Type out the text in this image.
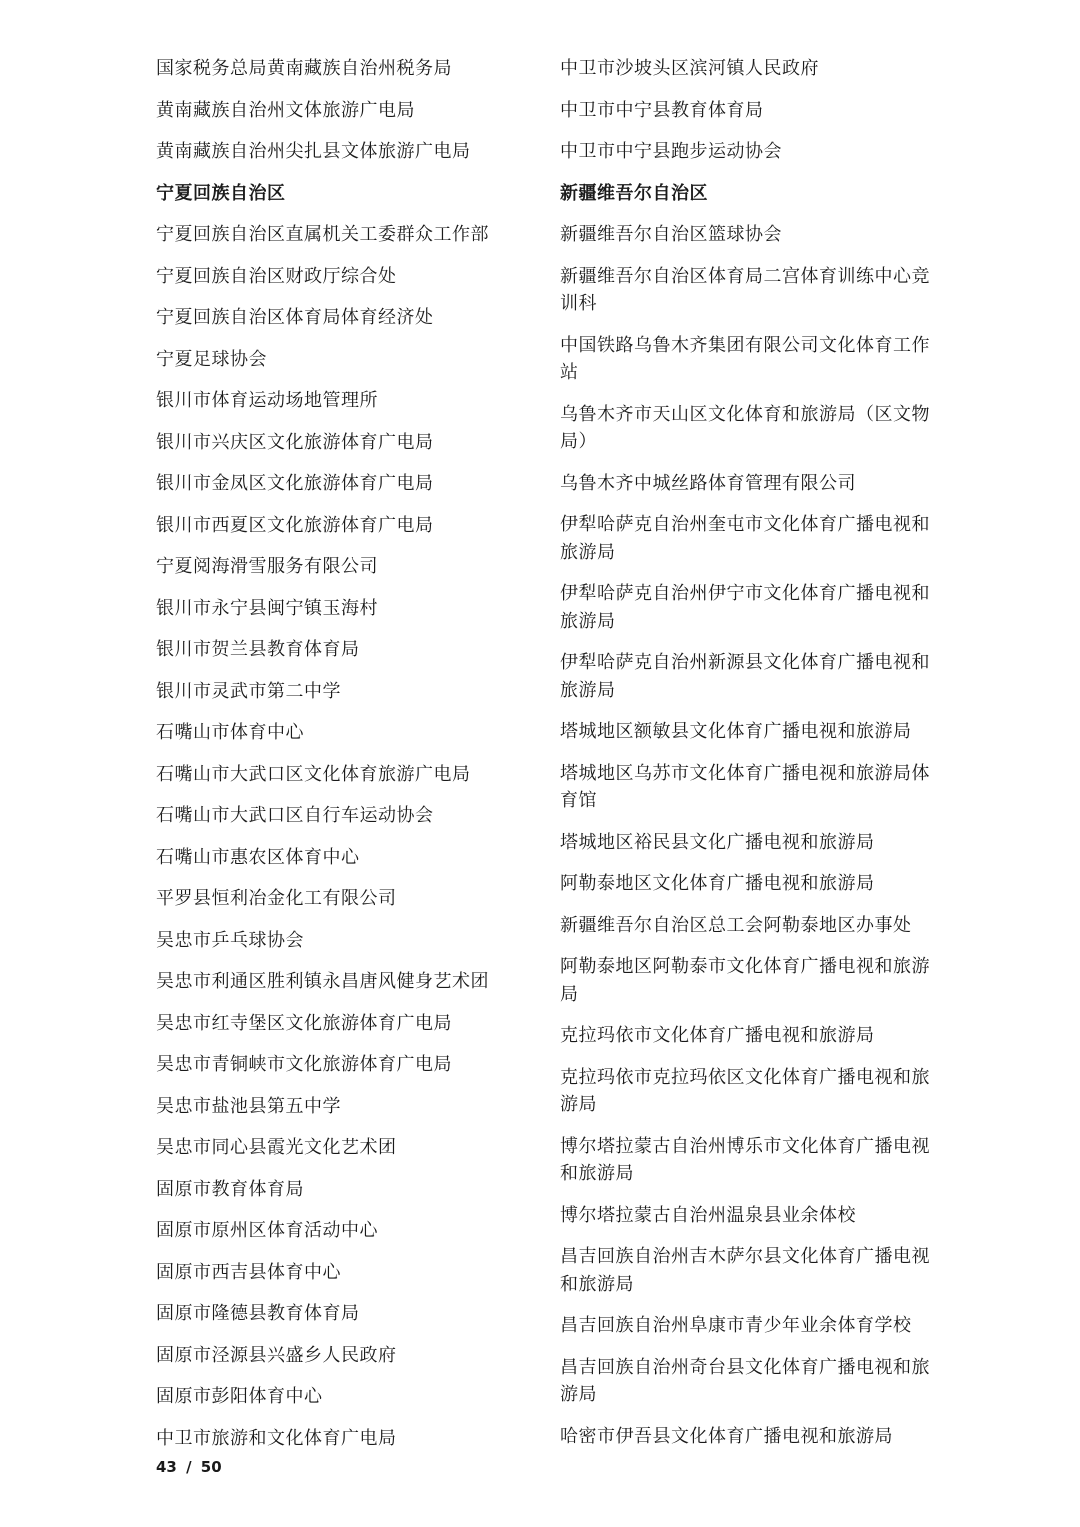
国家税务总局黄南藏族自治州税务局

黄南藏族自治州文体旅游广电局

黄南藏族自治州尖扎县文体旅游广电局

宁夏回族自治区

宁夏回族自治区直属机关工委群众工作部

宁夏回族自治区财政厅综合处

宁夏回族自治区体育局体育经济处

宁夏足球协会

银川市体育运动场地管理所

银川市兴庆区文化旅游体育广电局

银川市金凤区文化旅游体育广电局

银川市西夏区文化旅游体育广电局

宁夏阅海滑雪服务有限公司

银川市永宁县闽宁镇玉海村

银川市贺兰县教育体育局

银川市灵武市第二中学

石嘴山市体育中心

石嘴山市大武口区文化体育旅游广电局

石嘴山市大武口区自行车运动协会

石嘴山市惠农区体育中心

平罗县恒利冶金化工有限公司

吴忠市乒乓球协会

吴忠市利通区胜利镇永昌唐风健身艺术团

吴忠市红寺堡区文化旅游体育广电局

吴忠市青铜峡市文化旅游体育广电局

吴忠市盐池县第五中学

吴忠市同心县霞光文化艺术团

固原市教育体育局

固原市原州区体育活动中心

固原市西吉县体育中心

固原市隆德县教育体育局

固原市泾源县兴盛乡人民政府

固原市彭阳体育中心

中卫市旅游和文化体育广电局

中卫市沙坡头区滨河镇人民政府

中卫市中宁县教育体育局

中卫市中宁县跑步运动协会

新疆维吾尔自治区

新疆维吾尔自治区篮球协会

新疆维吾尔自治区体育局二宫体育训练中心竞训科

中国铁路乌鲁木齐集团有限公司文化体育工作站

乌鲁木齐市天山区文化体育和旅游局（区文物局）

乌鲁木齐中城丝路体育管理有限公司

伊犁哈萨克自治州奎屯市文化体育广播电视和旅游局

伊犁哈萨克自治州伊宁市文化体育广播电视和旅游局

伊犁哈萨克自治州新源县文化体育广播电视和旅游局

塔城地区额敏县文化体育广播电视和旅游局

塔城地区乌苏市文化体育广播电视和旅游局体育馆

塔城地区裕民县文化广播电视和旅游局

阿勒泰地区文化体育广播电视和旅游局

新疆维吾尔自治区总工会阿勒泰地区办事处

阿勒泰地区阿勒泰市文化体育广播电视和旅游局

克拉玛依市文化体育广播电视和旅游局

克拉玛依市克拉玛依区文化体育广播电视和旅游局

博尔塔拉蒙古自治州博乐市文化体育广播电视和旅游局

博尔塔拉蒙古自治州温泉县业余体校

昌吉回族自治州吉木萨尔县文化体育广播电视和旅游局

昌吉回族自治州阜康市青少年业余体育学校

昌吉回族自治州奇台县文化体育广播电视和旅游局

哈密市伊吾县文化体育广播电视和旅游局

43 / 50
